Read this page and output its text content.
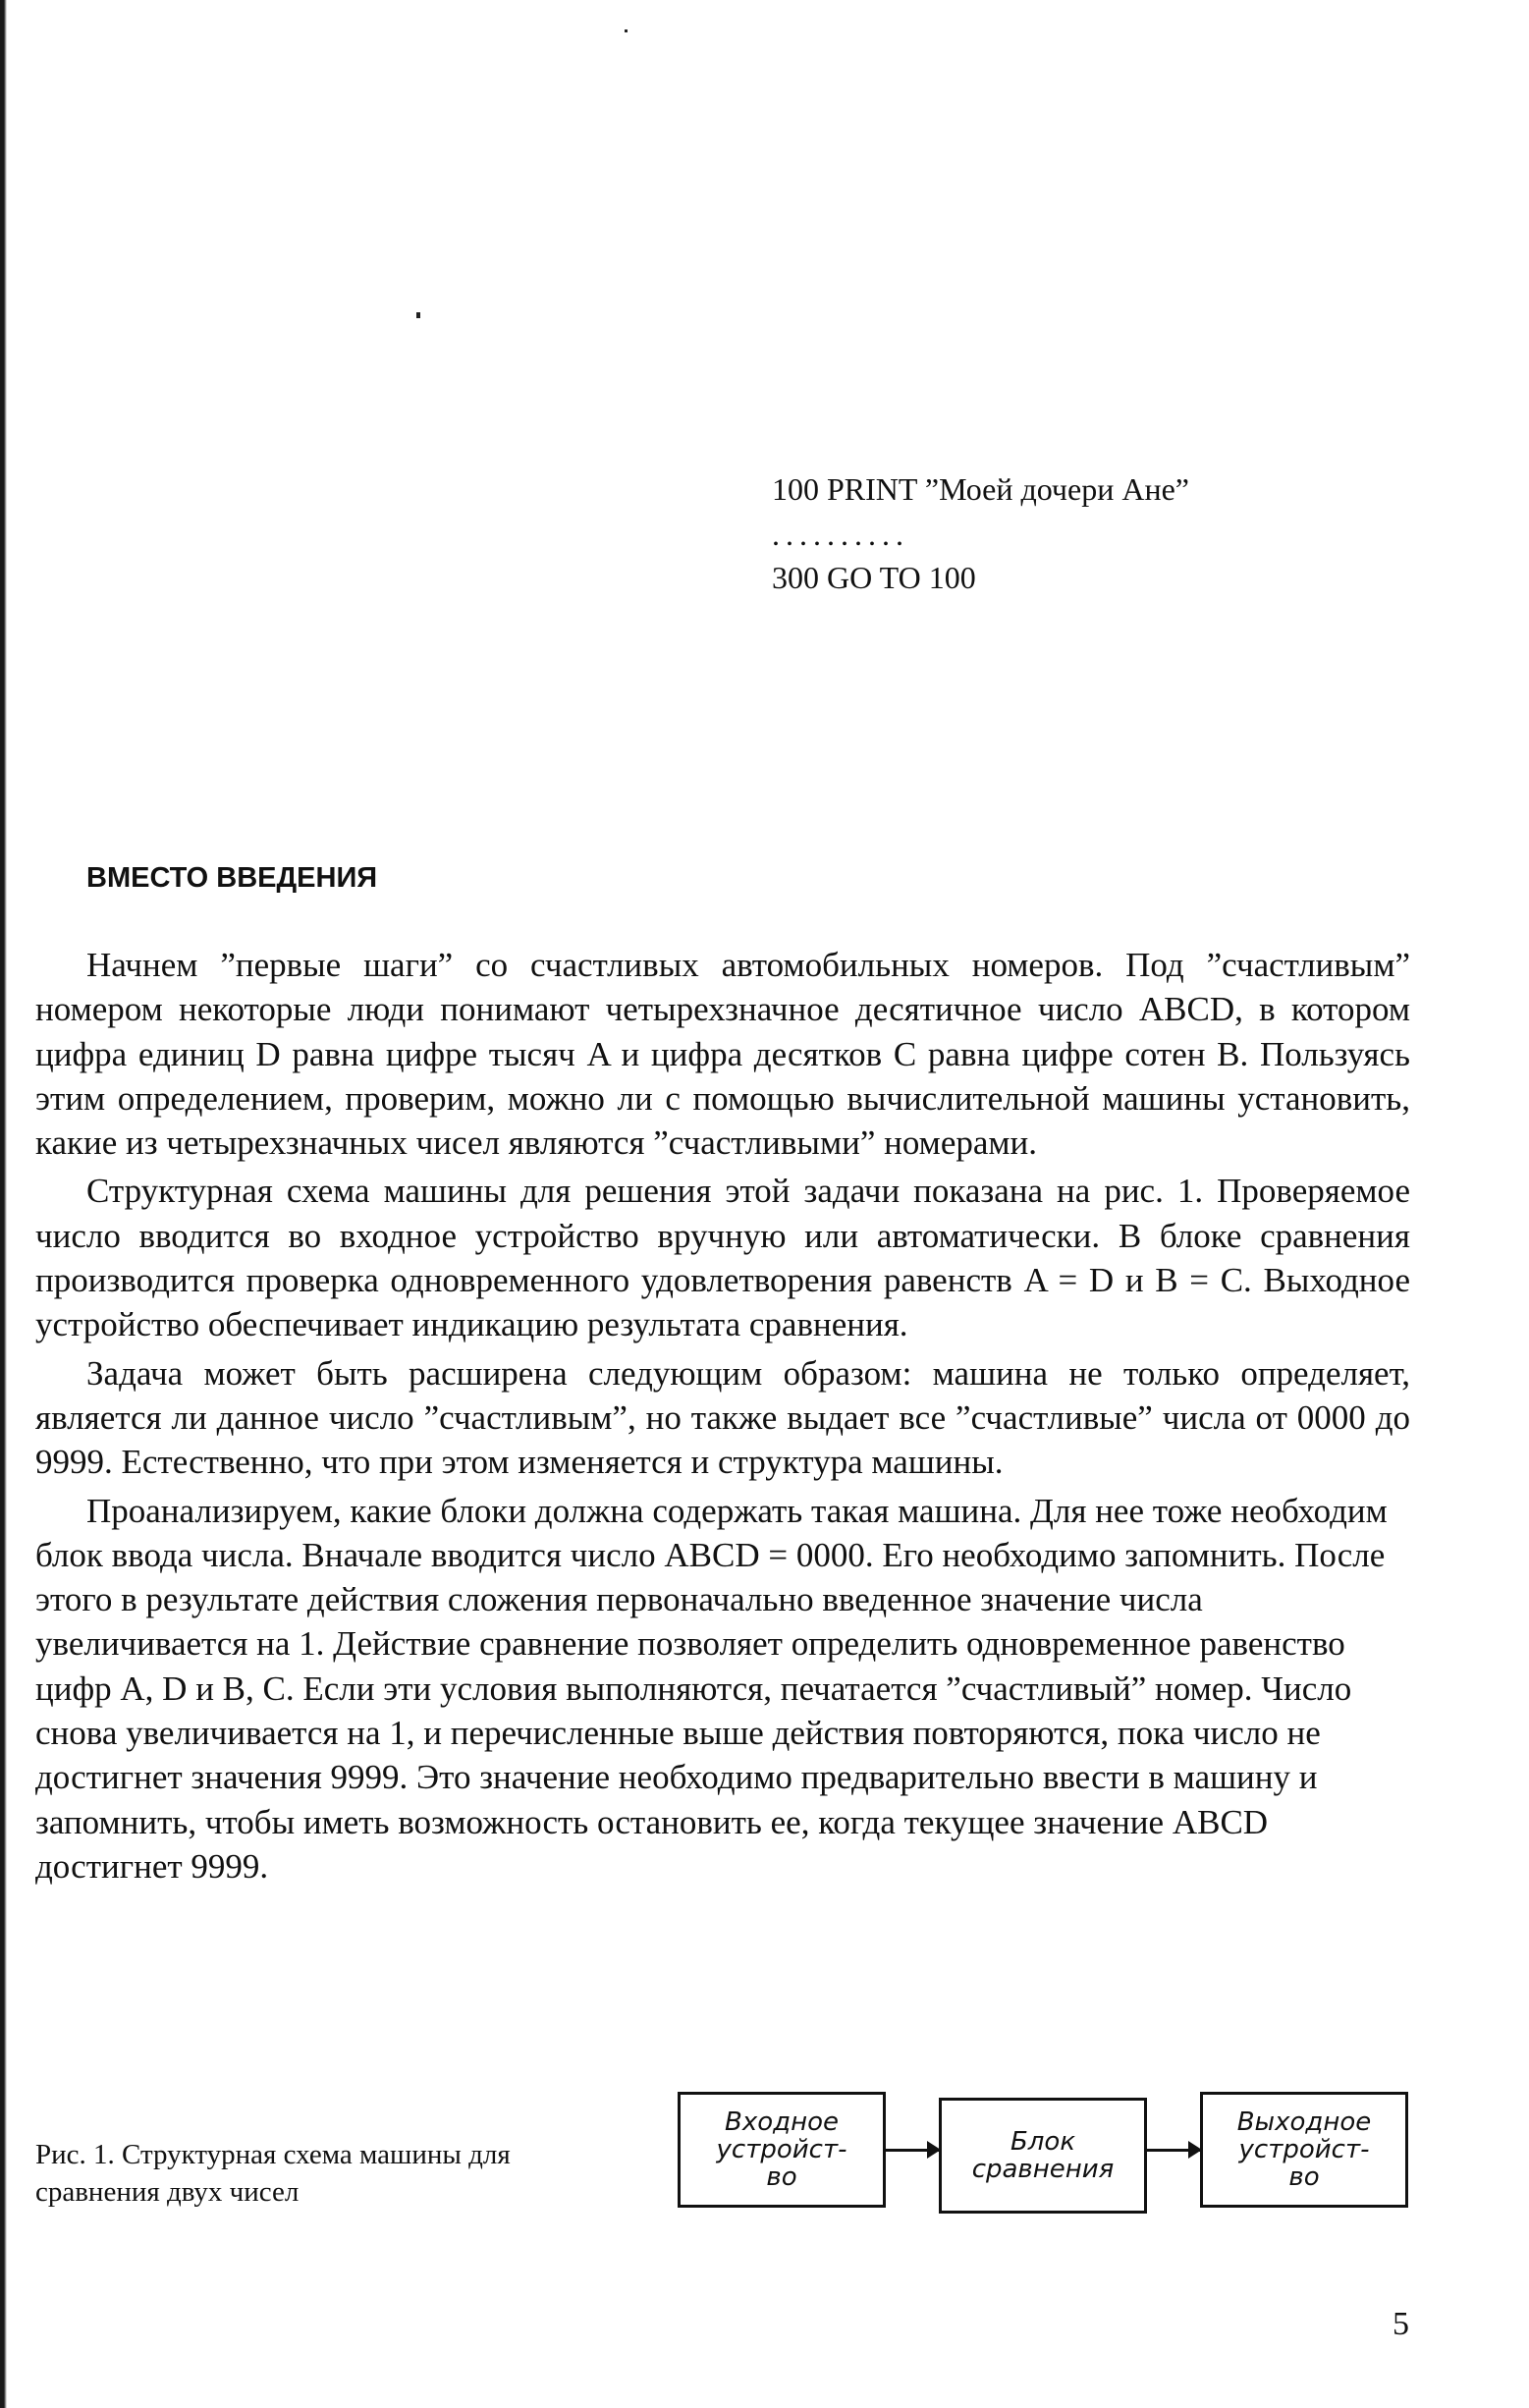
100 PRINT ”Моей дочери Ане”
..........
300 GO TO 100
ВМЕСТО ВВЕДЕНИЯ

Начнем ”первые шаги” со счастливых автомобильных номеров. Под ”счастливым” номером некоторые люди понимают четырехзначное десятичное число ABCD, в котором цифра единиц D равна цифре тысяч A и цифра десятков C равна цифре сотен B. Пользуясь этим определением, проверим, можно ли с помощью вычислительной машины установить, какие из четырехзначных чисел являются ”счастливыми” номерами.

Структурная схема машины для решения этой задачи показана на рис. 1. Проверяемое число вводится во входное устройство вручную или автоматически. В блоке сравнения производится проверка одновременного удовлетворения равенств A = D и B = C. Выходное устройство обеспечивает индикацию результата сравнения.

Задача может быть расширена следующим образом: машина не только определяет, является ли данное число ”счастливым”, но также выдает все ”счастливые” числа от 0000 до 9999. Естественно, что при этом изменяется и структура машины.

Проанализируем, какие блоки должна содержать такая машина. Для нее тоже необходим блок ввода числа. Вначале вводится число ABCD = 0000. Его необходимо запомнить. После этого в результате действия сложения первоначально введенное значение числа увеличивается на 1. Действие сравнение позволяет определить одновременное равенство цифр A, D и B, C. Если эти условия выполняются, печатается ”счастливый” номер. Число снова увеличивается на 1, и перечисленные выше действия повторяются, пока число не достигнет значения 9999. Это значение необходимо предварительно ввести в машину и запомнить, чтобы иметь возможность остановить ее, когда текущее значение ABCD достигнет 9999.

Рис. 1. Структурная схема машины для сравнения двух чисел
Входное
устройст-
во
Блок
сравнения
Выходное
устройст-
во
5
